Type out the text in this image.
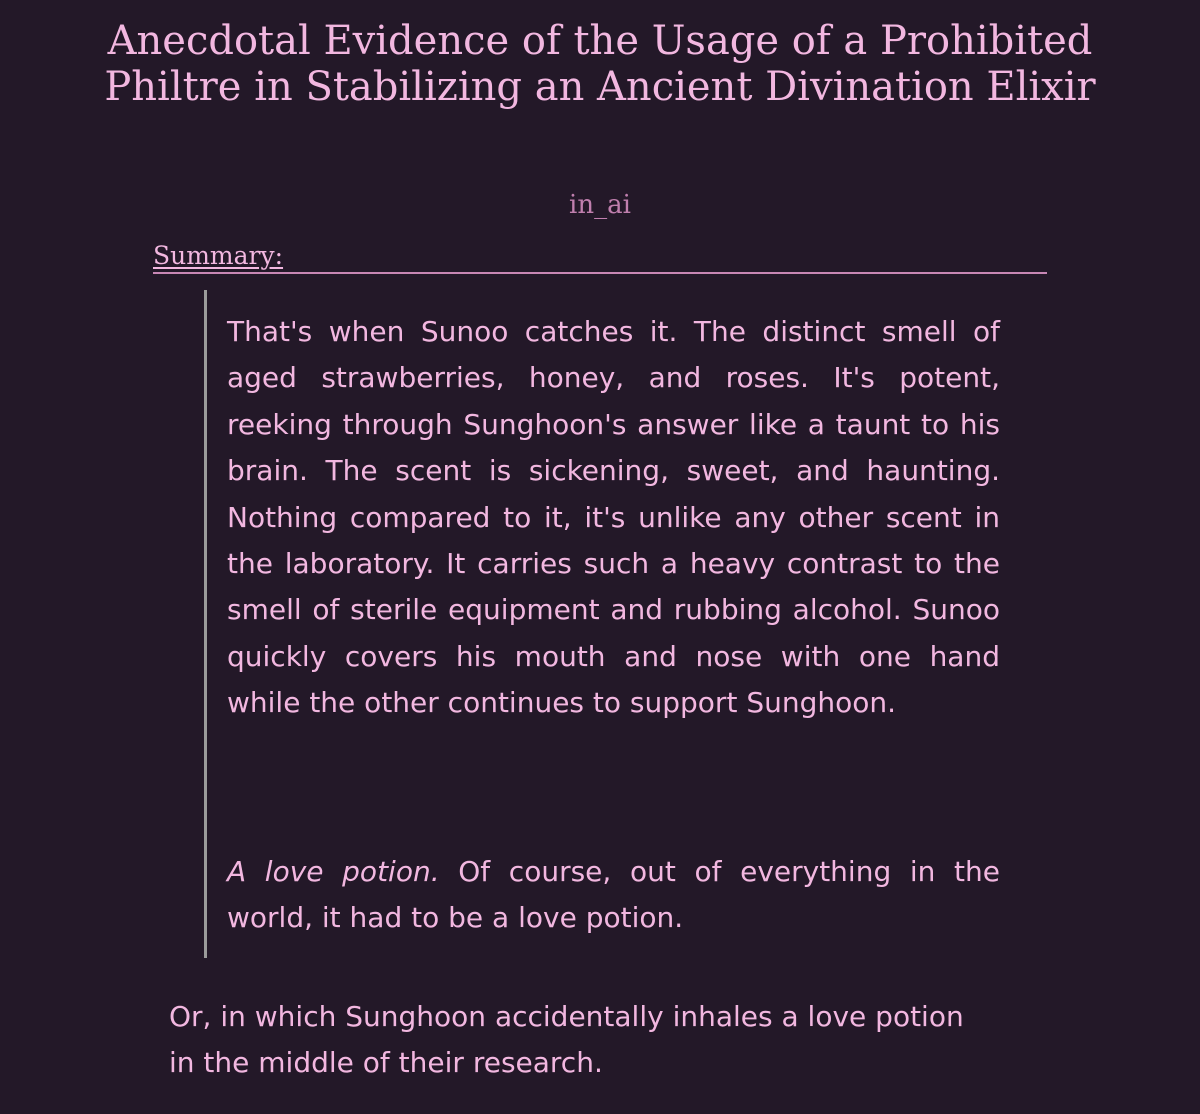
Anecdotal Evidence of the Usage of a Prohibited Philtre in Stabilizing an Ancient Divination Elixir
in_ai
Summary:

That's when Sunoo catches it. The distinct smell of aged strawberries, honey, and roses. It's potent, reeking through Sunghoon's answer like a taunt to his brain. The scent is sickening, sweet, and haunting. Nothing compared to it, it's unlike any other scent in the laboratory. It carries such a heavy contrast to the smell of sterile equipment and rubbing alcohol. Sunoo quickly covers his mouth and nose with one hand while the other continues to support Sunghoon.

A love potion. Of course, out of everything in the world, it had to be a love potion.

Or, in which Sunghoon accidentally inhales a love potion in the middle of their research.
